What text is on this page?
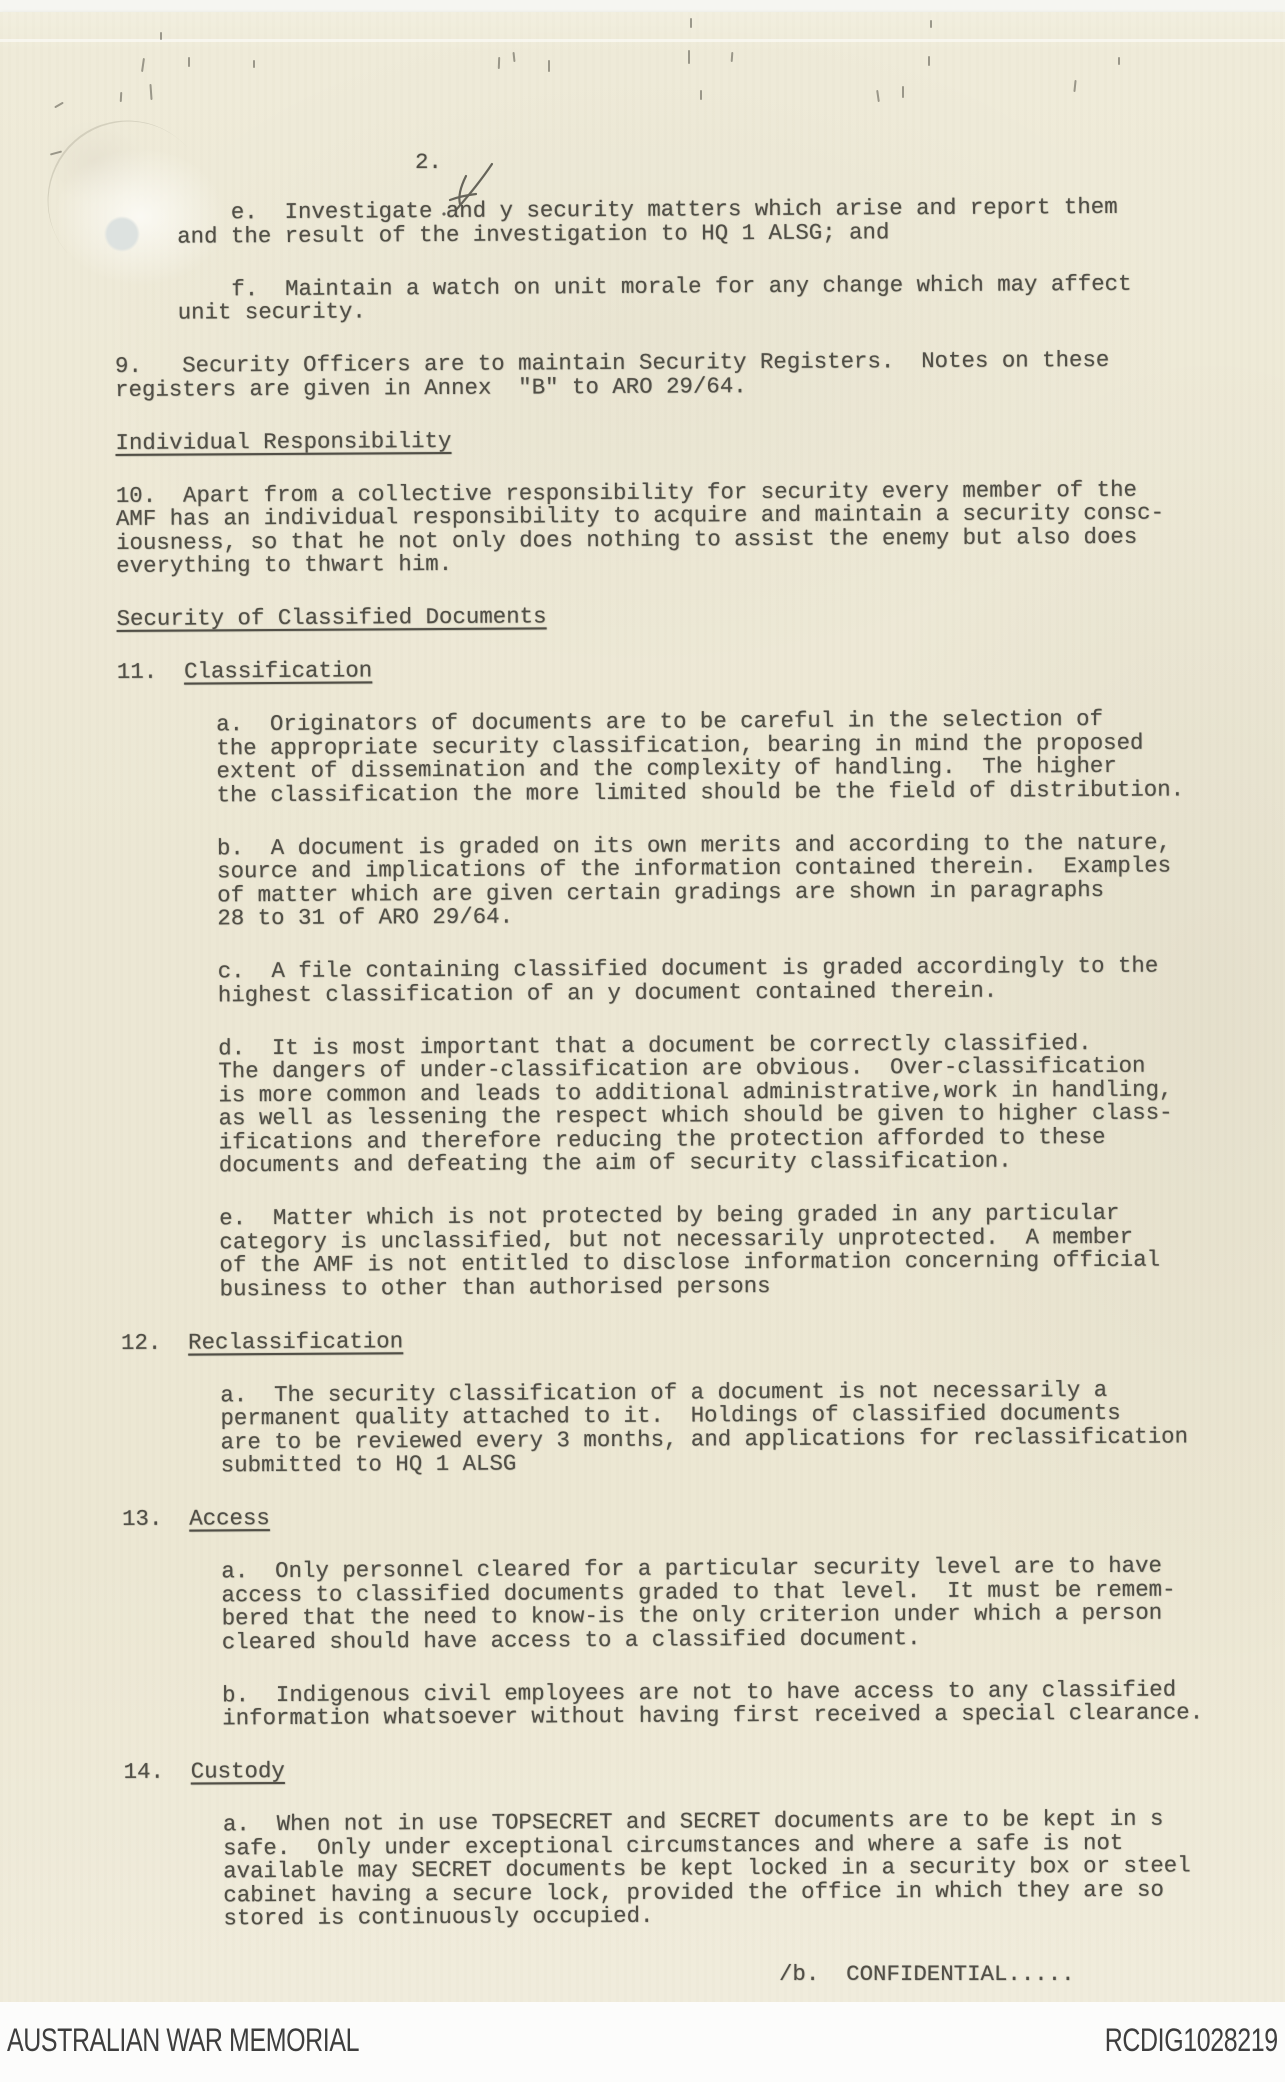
2.
e.  Investigate and y security matters which arise and report them
and the result of the investigation to HQ 1 ALSG; and
f.  Maintain a watch on unit morale for any change which may affect
unit security.
9.   Security Officers are to maintain Security Registers.  Notes on these
registers are given in Annex  "B" to ARO 29/64.
Individual Responsibility
10.  Apart from a collective responsibility for security every member of the
AMF has an individual responsibility to acquire and maintain a security consc-
iousness, so that he not only does nothing to assist the enemy but also does
everything to thwart him.
Security of Classified Documents
11. Classification
a.  Originators of documents are to be careful in the selection of
the appropriate security classification, bearing in mind the proposed
extent of dissemination and the complexity of handling.  The higher
the classification the more limited should be the field of distribution.
b.  A document is graded on its own merits and according to the nature,
source and implications of the information contained therein.  Examples
of matter which are given certain gradings are shown in paragraphs
28 to 31 of ARO 29/64.
c.  A file containing classified document is graded accordingly to the
highest classification of an y document contained therein.
d.  It is most important that a document be correctly classified.
The dangers of under-classification are obvious.  Over-classification
is more common and leads to additional administrative,work in handling,
as well as lessening the respect which should be given to higher class-
ifications and therefore reducing the protection afforded to these
documents and defeating the aim of security classification.
e.  Matter which is not protected by being graded in any particular
category is unclassified, but not necessarily unprotected.  A member
of the AMF is not entitled to disclose information concerning official
business to other than authorised persons
12. Reclassification
a.  The security classification of a document is not necessarily a
permanent quality attached to it.  Holdings of classified documents
are to be reviewed every 3 months, and applications for reclassification
submitted to HQ 1 ALSG
13. Access
a.  Only personnel cleared for a particular security level are to have
access to classified documents graded to that level.  It must be remem-
bered that the need to know-is the only criterion under which a person
cleared should have access to a classified document.
b.  Indigenous civil employees are not to have access to any classified
information whatsoever without having first received a special clearance.
14. Custody
a.  When not in use TOPSECRET and SECRET documents are to be kept in s
safe.  Only under exceptional circumstances and where a safe is not
available may SECRET documents be kept locked in a security box or steel
cabinet having a secure lock, provided the office in which they are so
stored is continuously occupied.
/b.  CONFIDENTIAL.....
AUSTRALIAN WAR MEMORIAL	RCDIG1028219
